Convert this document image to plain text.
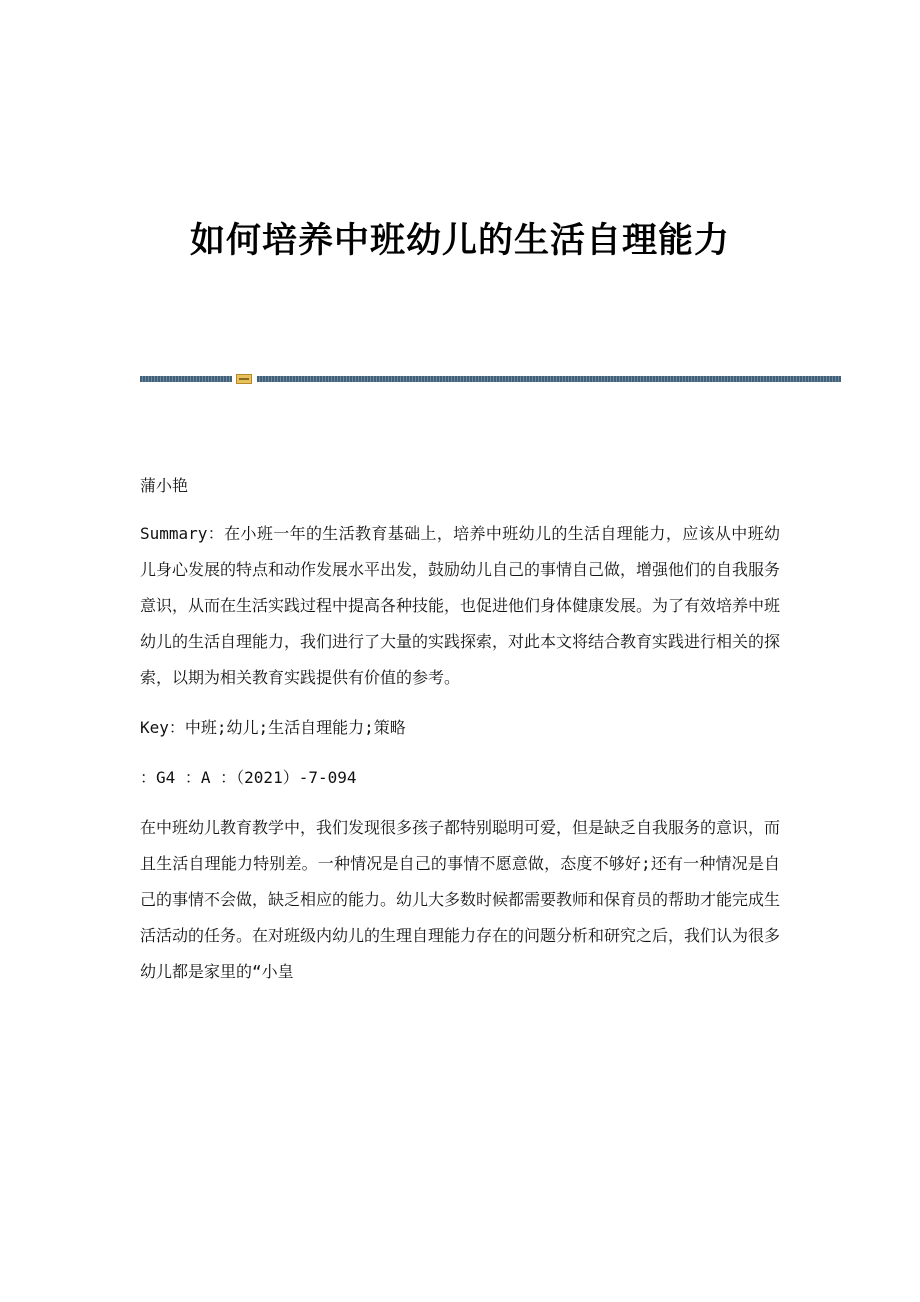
如何培养中班幼儿的生活自理能力

蒲小艳

Summary：在小班一年的生活教育基础上，培养中班幼儿的生活自理能力，应该从中班幼儿身心发展的特点和动作发展水平出发，鼓励幼儿自己的事情自己做，增强他们的自我服务意识，从而在生活实践过程中提高各种技能，也促进他们身体健康发展。为了有效培养中班幼儿的生活自理能力，我们进行了大量的实践探索，对此本文将结合教育实践进行相关的探索，以期为相关教育实践提供有价值的参考。

Key：中班;幼儿;生活自理能力;策略

：G4 ：A ：（2021）-7-094

在中班幼儿教育教学中，我们发现很多孩子都特别聪明可爱，但是缺乏自我服务的意识，而且生活自理能力特别差。一种情况是自己的事情不愿意做，态度不够好;还有一种情况是自己的事情不会做，缺乏相应的能力。幼儿大多数时候都需要教师和保育员的帮助才能完成生活活动的任务。在对班级内幼儿的生理自理能力存在的问题分析和研究之后，我们认为很多幼儿都是家里的“小皇
